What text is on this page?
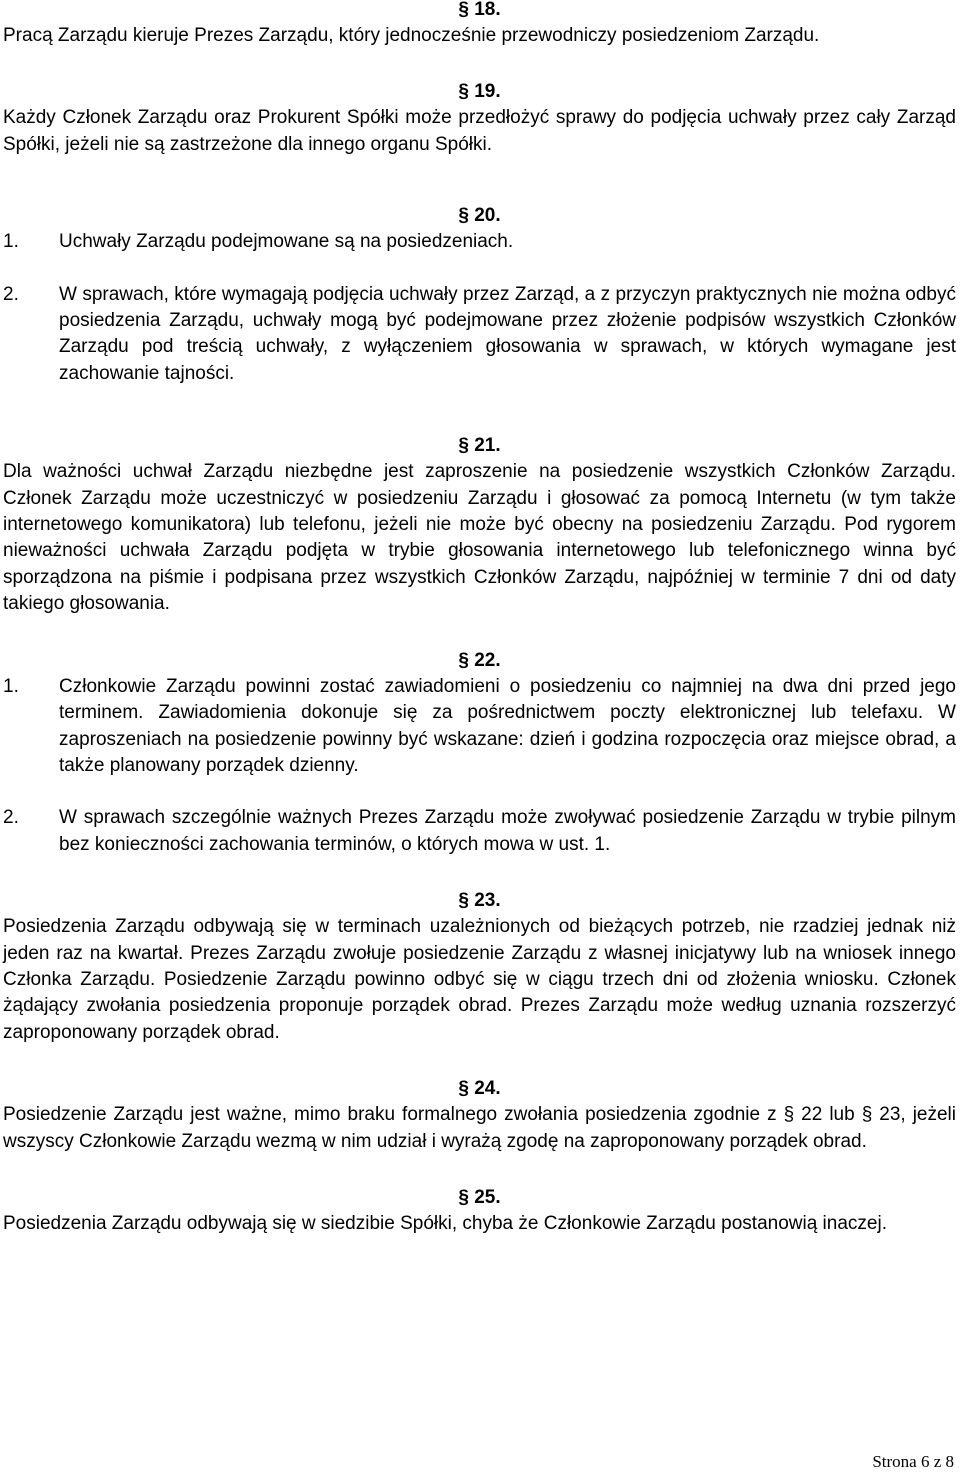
§ 18.

Pracą Zarządu kieruje Prezes Zarządu, który jednocześnie przewodniczy posiedzeniom Zarządu.

§ 19.

Każdy Członek Zarządu oraz Prokurent Spółki może przedłożyć sprawy do podjęcia uchwały przez cały Zarząd Spółki, jeżeli nie są zastrzeżone dla innego organu Spółki.

§ 20.
1.	Uchwały Zarządu podejmowane są na posiedzeniach.
2.	W sprawach, które wymagają podjęcia uchwały przez Zarząd, a z przyczyn praktycznych nie można odbyć posiedzenia Zarządu, uchwały mogą być podejmowane przez złożenie podpisów wszystkich Członków Zarządu pod treścią uchwały, z wyłączeniem głosowania w sprawach, w których wymagane jest zachowanie tajności.
§ 21.

Dla ważności uchwał Zarządu niezbędne jest zaproszenie na posiedzenie wszystkich Członków Zarządu. Członek Zarządu może uczestniczyć w posiedzeniu Zarządu i głosować za pomocą Internetu (w tym także internetowego komunikatora) lub telefonu, jeżeli nie może być obecny na posiedzeniu Zarządu. Pod rygorem nieważności uchwała Zarządu podjęta w trybie głosowania internetowego lub telefonicznego winna być sporządzona na piśmie i podpisana przez wszystkich Członków Zarządu, najpóźniej w terminie 7 dni od daty takiego głosowania.

§ 22.
1.	Członkowie Zarządu powinni zostać zawiadomieni o posiedzeniu co najmniej na dwa dni przed jego terminem. Zawiadomienia dokonuje się za pośrednictwem poczty elektronicznej lub telefaxu. W zaproszeniach na posiedzenie powinny być wskazane: dzień i godzina rozpoczęcia oraz miejsce obrad, a także planowany porządek dzienny.
2.	W sprawach szczególnie ważnych Prezes Zarządu może zwoływać posiedzenie Zarządu w trybie pilnym bez konieczności zachowania terminów, o których mowa w ust. 1.
§ 23.

Posiedzenia Zarządu odbywają się w terminach uzależnionych od bieżących potrzeb, nie rzadziej jednak niż jeden raz na kwartał. Prezes Zarządu zwołuje posiedzenie Zarządu z własnej inicjatywy lub na wniosek innego Członka Zarządu. Posiedzenie Zarządu powinno odbyć się w ciągu trzech dni od złożenia wniosku. Członek żądający zwołania posiedzenia proponuje porządek obrad. Prezes Zarządu może według uznania rozszerzyć zaproponowany porządek obrad.

§ 24.

Posiedzenie Zarządu jest ważne, mimo braku formalnego zwołania posiedzenia zgodnie z § 22 lub § 23, jeżeli wszyscy Członkowie Zarządu wezmą w nim udział i wyrażą zgodę na zaproponowany porządek obrad.

§ 25.

Posiedzenia Zarządu odbywają się w siedzibie Spółki, chyba że Członkowie Zarządu postanowią inaczej.

Strona 6 z 8
